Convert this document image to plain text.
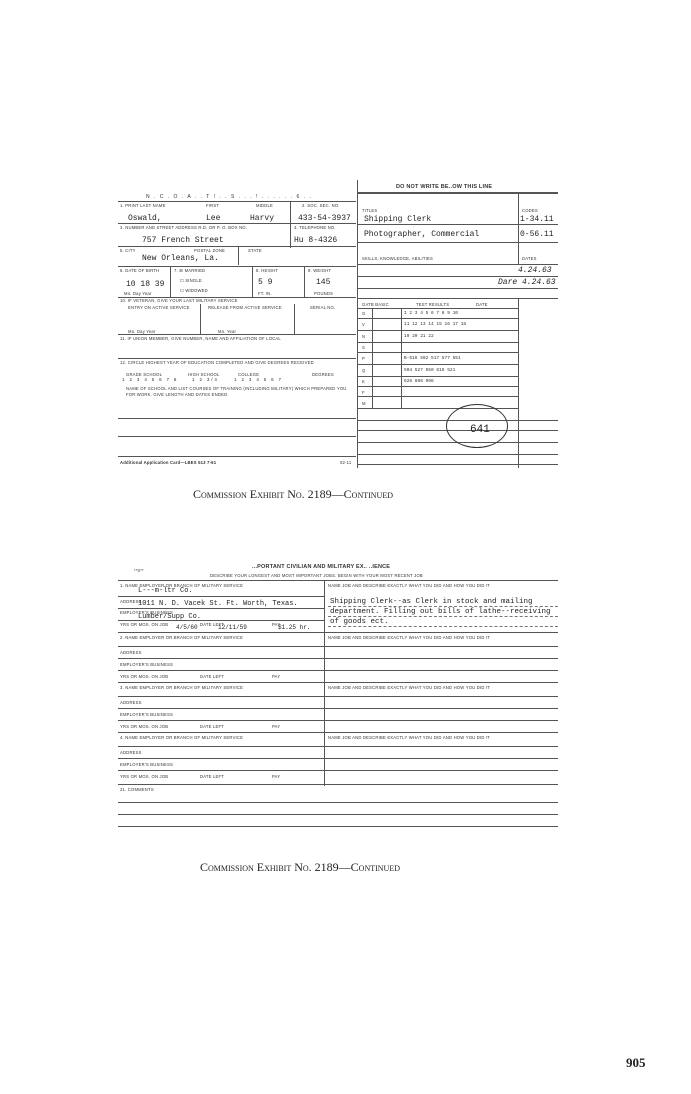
N . C . O . A . . T ! . . S . . . ! . . . . . . 6 . .
DO NOT WRITE BE..OW THIS LINE
1. PRINT LAST NAME	FIRST	MIDDLE	2. SOC. SEC. NO.
Oswald,	Lee	Harvy	433-54-3937
3. NUMBER AND STREET ADDRESS R.D. OR P. O. BOX NO.	4. TELEPHONE NO.
757 French Street	Hu 8-4326
5. CITY	POSTAL ZONE	STATE
New Orleans, La.
6. DATE OF BIRTH	7. ☒ MARRIED
☐ SINGLE
☐ WIDOWED
8. HEIGHT	9. WEIGHT
10 18 39
Mo. Day Year
5 9
FT. IN.
145
POUNDS
10. IF VETERAN, GIVE YOUR LAST MILITARY SERVICE
ENTRY ON ACTIVE SERVICE	RELEASE FROM ACTIVE SERVICE	SERIAL NO.
Mo. Day Year	Mo. Year
11. IF UNION MEMBER, GIVE NUMBER, NAME AND AFFILIATION OF LOCAL
12. CIRCLE HIGHEST YEAR OF EDUCATION COMPLETED AND GIVE DEGREES RECEIVED
GRADE SCHOOL	HIGH SCHOOL	COLLEGE	DEGREES
1 2 3 4 5 6 7 8	1 2 3/4	1 2 3 4 5 6 7
NAME OF SCHOOL AND LIST COURSES OF TRAINING (INCLUDING MILITARY) WHICH PREPARED YOU FOR WORK. GIVE LENGTH AND DATES ENDED.
Additional Application Card—LBES 513 7-61	02-11
TITLES	CODES
Shipping Clerk	1-34.11
Photographer, Commercial	0-56.11
SKILLS, KNOWLEDGE, ABILITIES	DATES
4.24.63
Dare 4.24.63
GATB BASIC	TEST RESULTS	DATE
G	1 2 3 4 5 6 7 8 9 10
V	11 12 13 14 15 16 17 18
N	19 20 21 22
S
P	B-516 502 517 577 551
Q	504 527 550 619 521
K	628 888 998
F
M
641
Commission Exhibit No. 2189—Continued
**0**
...PORTANT CIVILIAN AND MILITARY EX.. ..IENCE
DESCRIBE YOUR LONGEST AND MOST IMPORTANT JOBS. BEGIN WITH YOUR MOST RECENT JOB
1. NAME EMPLOYER OR BRANCH OF MILITARY SERVICE	NAME JOB AND DESCRIBE EXACTLY WHAT YOU DID AND HOW YOU DID IT
L---m-ltr Co.
ADDRESS
1011 N. D. Vacek St. Ft. Worth, Texas.
EMPLOYER'S BUSINESS
Lumber/Supp Co.
YRS OR MOS. ON JOB	DATE LEFT	PAY
4/5/60	12/11/59	$1.25 hr.
Shipping Clerk--as Clerk in stock and mailing
department. Filling out bills of lathe--receiving
of goods ect.
2. NAME EMPLOYER OR BRANCH OF MILITARY SERVICE	NAME JOB AND DESCRIBE EXACTLY WHAT YOU DID AND HOW YOU DID IT
ADDRESS
EMPLOYER'S BUSINESS
YRS OR MOS. ON JOB	DATE LEFT	PAY
3. NAME EMPLOYER OR BRANCH OF MILITARY SERVICE	NAME JOB AND DESCRIBE EXACTLY WHAT YOU DID AND HOW YOU DID IT
ADDRESS
EMPLOYER'S BUSINESS
YRS OR MOS. ON JOB	DATE LEFT	PAY
4. NAME EMPLOYER OR BRANCH OF MILITARY SERVICE	NAME JOB AND DESCRIBE EXACTLY WHAT YOU DID AND HOW YOU DID IT
ADDRESS
EMPLOYER'S BUSINESS
YRS OR MOS. ON JOB	DATE LEFT	PAY
21. COMMENTS
Commission Exhibit No. 2189—Continued
905
